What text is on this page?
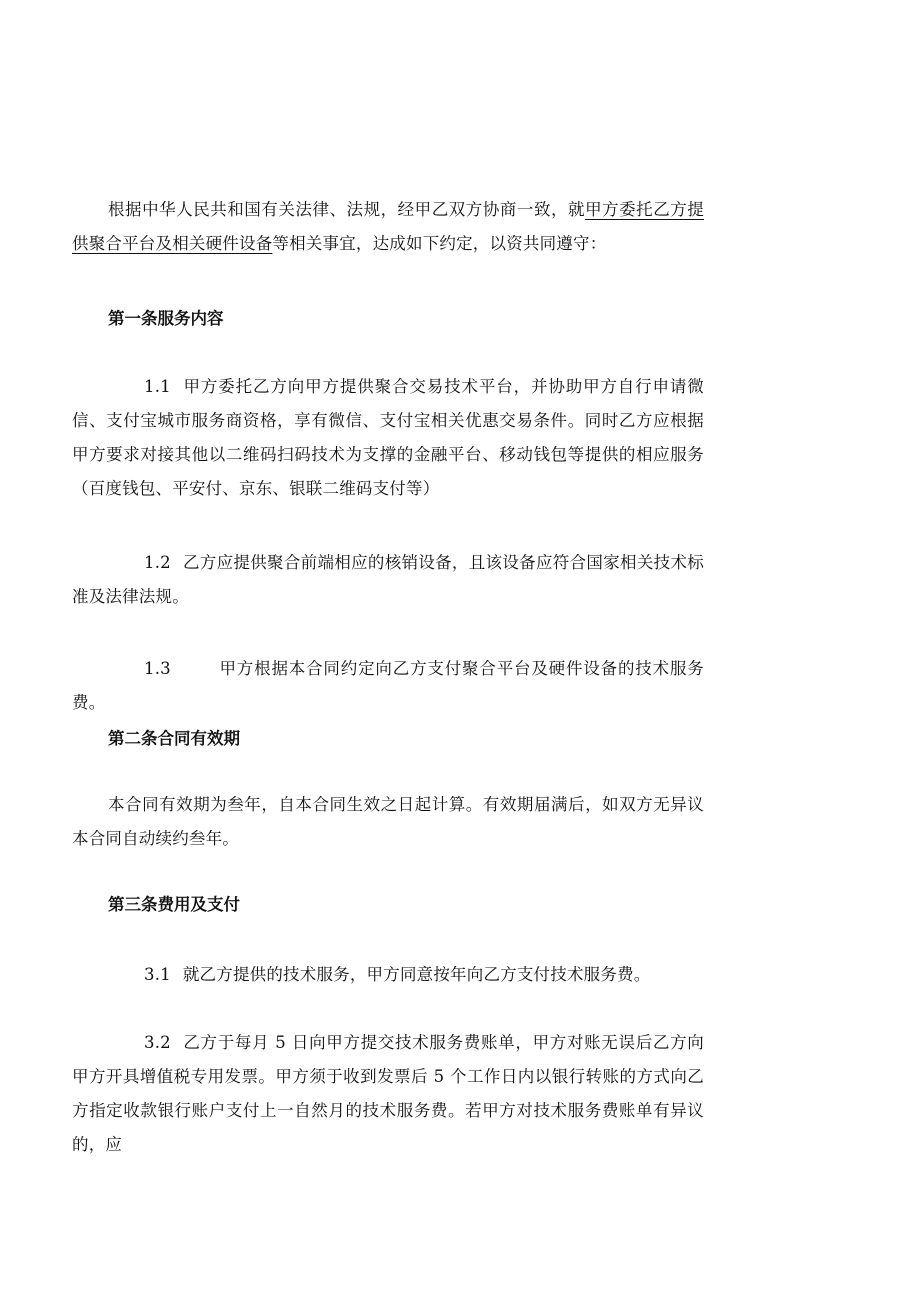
根据中华人民共和国有关法律、法规，经甲乙双方协商一致，就甲方委托乙方提供聚合平台及相关硬件设备等相关事宜，达成如下约定，以资共同遵守：

第一条服务内容

1.1 甲方委托乙方向甲方提供聚合交易技术平台，并协助甲方自行申请微信、支付宝城市服务商资格，享有微信、支付宝相关优惠交易条件。同时乙方应根据甲方要求对接其他以二维码扫码技术为支撑的金融平台、移动钱包等提供的相应服务（百度钱包、平安付、京东、银联二维码支付等）

1.2 乙方应提供聚合前端相应的核销设备，且该设备应符合国家相关技术标准及法律法规。

1.3	甲方根据本合同约定向乙方支付聚合平台及硬件设备的技术服务费。

第二条合同有效期

本合同有效期为叁年，自本合同生效之日起计算。有效期届满后，如双方无异议本合同自动续约叁年。

第三条费用及支付

3.1 就乙方提供的技术服务，甲方同意按年向乙方支付技术服务费。

3.2 乙方于每月 5 日向甲方提交技术服务费账单，甲方对账无误后乙方向甲方开具增值税专用发票。甲方须于收到发票后 5 个工作日内以银行转账的方式向乙方指定收款银行账户支付上一自然月的技术服务费。若甲方对技术服务费账单有异议的，应
